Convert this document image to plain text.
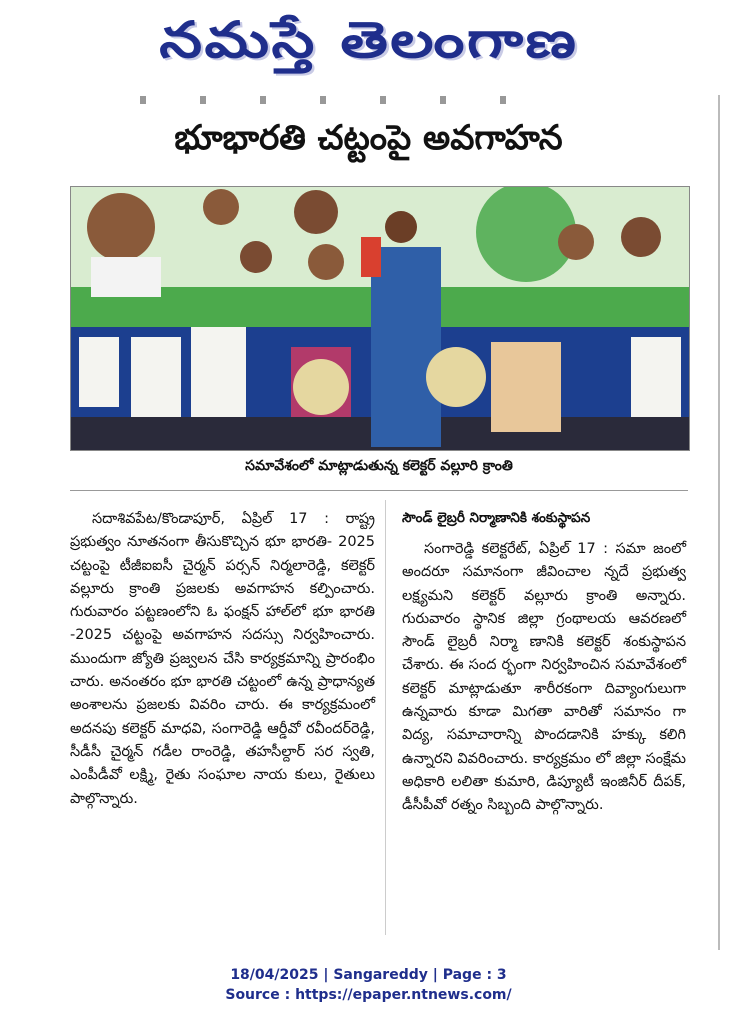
నమస్తే తెలంగాణ
భూభారతి చట్టంపై అవగాహన
సమావేశంలో మాట్లాడుతున్న కలెక్టర్ వల్లూరి క్రాంతి

సదాశివపేట/కొండాపూర్, ఏప్రిల్ 17 : రాష్ట్ర ప్రభుత్వం నూతనంగా తీసుకొచ్చిన భూ భారతి- 2025 చట్టంపై టీజీఐఐసీ చైర్మన్ పర్సన్ నిర్మలారెడ్డి, కలెక్టర్ వల్లూరు క్రాంతి ప్రజలకు అవగాహన కల్పించారు. గురువారం పట్టణంలోని ఓ ఫంక్షన్ హాల్‌లో భూ భారతి -2025 చట్టంపై అవగాహన సదస్సు నిర్వహించారు. ముందుగా జ్యోతి ప్రజ్వలన చేసి కార్యక్రమాన్ని ప్రారంభిం చారు. అనంతరం భూ భారతి చట్టంలో ఉన్న ప్రాధాన్యత అంశాలను ప్రజలకు వివరిం చారు. ఈ కార్యక్రమంలో అదనపు కలెక్టర్ మాధవి, సంగారెడ్డి ఆర్డీవో రవీందర్‌రెడ్డి, సీడీసీ చైర్మన్ గడీల రాంరెడ్డి, తహసీల్దార్ సర స్వతి, ఎంపీడీవో లక్ష్మి, రైతు సంఘాల నాయ కులు, రైతులు పాల్గొన్నారు.

సౌండ్ లైబ్రరీ నిర్మాణానికి శంకుస్థాపన

సంగారెడ్డి కలెక్టరేట్, ఏప్రిల్ 17 : సమా జంలో అందరూ సమానంగా జీవించాల న్నదే ప్రభుత్వ లక్ష్యమని కలెక్టర్ వల్లూరు క్రాంతి అన్నారు. గురువారం స్థానిక జిల్లా గ్రంథాలయ ఆవరణలో సౌండ్ లైబ్రరీ నిర్మా ణానికి కలెక్టర్ శంకుస్థాపన చేశారు. ఈ సంద ర్భంగా నిర్వహించిన సమావేశంలో కలెక్టర్ మాట్లాడుతూ శారీరకంగా దివ్యాంగులుగా ఉన్నవారు కూడా మిగతా వారితో సమానం గా విద్య, సమాచారాన్ని పొందడానికి హక్కు కలిగి ఉన్నారని వివరించారు. కార్యక్రమం లో జిల్లా సంక్షేమ అధికారి లలితా కుమారి, డిప్యూటీ ఇంజినీర్ దీపక్, డీసీపీవో రత్నం సిబ్బంది పాల్గొన్నారు.

18/04/2025 | Sangareddy | Page : 3
Source : https://epaper.ntnews.com/
